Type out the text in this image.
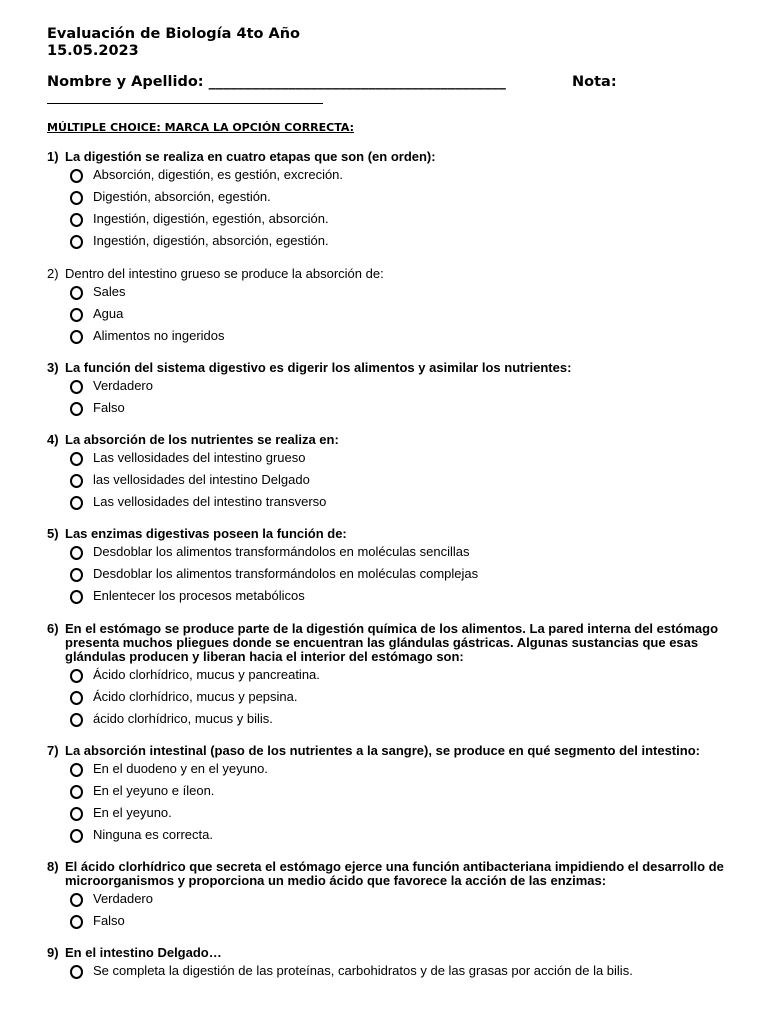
Evaluación de Biología 4to Año
15.05.2023
Nombre y Apellido: _________________________________________	Nota:
MÚLTIPLE CHOICE: MARCA LA OPCIÓN CORRECTA:
1) La digestión se realiza en cuatro etapas que son (en orden):
Absorción, digestión, es gestión, excreción.
Digestión, absorción, egestión.
Ingestión, digestión, egestión, absorción.
Ingestión, digestión, absorción, egestión.
2) Dentro del intestino grueso se produce la absorción de:
Sales
Agua
Alimentos no ingeridos
3) La función del sistema digestivo es digerir los alimentos y asimilar los nutrientes:
Verdadero
Falso
4) La absorción de los nutrientes se realiza en:
Las vellosidades del intestino grueso
las vellosidades del intestino Delgado
Las vellosidades del intestino transverso
5) Las enzimas digestivas poseen la función de:
Desdoblar los alimentos transformándolos en moléculas sencillas
Desdoblar los alimentos transformándolos en moléculas complejas
Enlentecer los procesos metabólicos
6) En el estómago se produce parte de la digestión química de los alimentos. La pared interna del estómago presenta muchos pliegues donde se encuentran las glándulas gástricas. Algunas sustancias que esas glándulas producen y liberan hacia el interior del estómago son:
Ácido clorhídrico, mucus y pancreatina.
Ácido clorhídrico, mucus y pepsina.
ácido clorhídrico, mucus y bilis.
7) La absorción intestinal (paso de los nutrientes a la sangre), se produce en qué segmento del intestino:
En el duodeno y en el yeyuno.
En el yeyuno e íleon.
En el yeyuno.
Ninguna es correcta.
8) El ácido clorhídrico que secreta el estómago ejerce una función antibacteriana impidiendo el desarrollo de microorganismos y proporciona un medio ácido que favorece la acción de las enzimas:
Verdadero
Falso
9) En el intestino Delgado…
Se completa la digestión de las proteínas, carbohidratos y de las grasas por acción de la bilis.
